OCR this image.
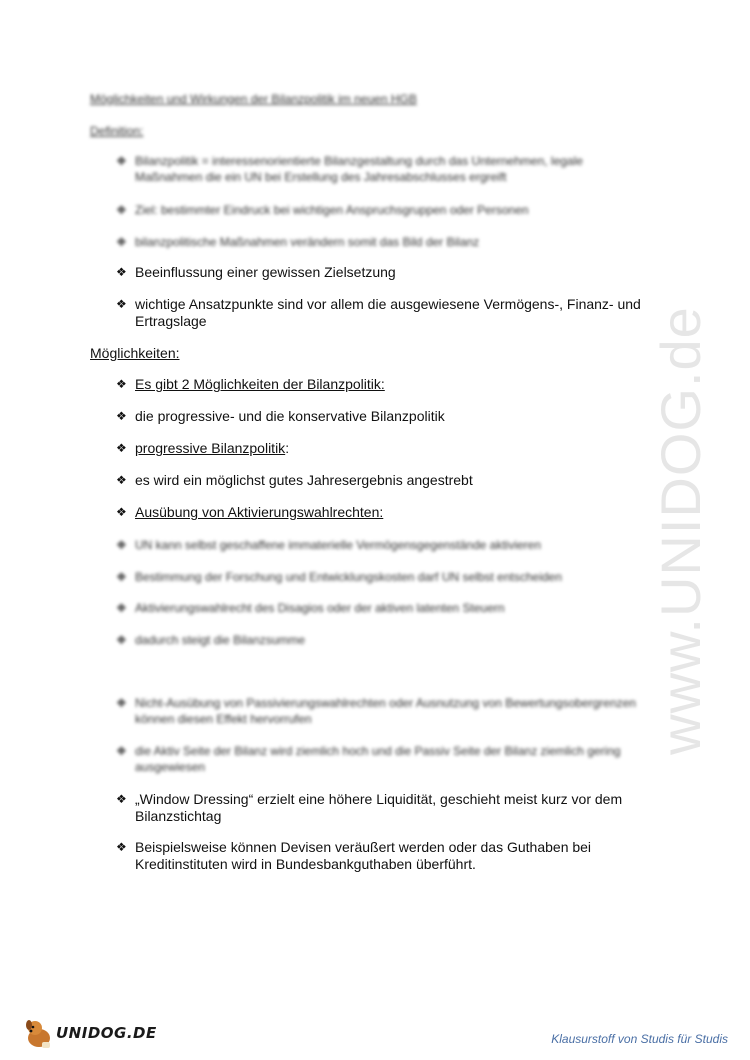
Möglichkeiten und Wirkungen der Bilanzpolitik im neuen HGB
Definition:
❖ Bilanzpolitik = interessenorientierte Bilanzgestaltung durch das Unternehmen, legale Maßnahmen die ein UN bei Erstellung des Jahresabschlusses ergreift
❖ Ziel: bestimmter Eindruck bei wichtigen Anspruchsgruppen oder Personen
❖ bilanzpolitische Maßnahmen verändern somit das Bild der Bilanz
❖ Beeinflussung einer gewissen Zielsetzung
❖ wichtige Ansatzpunkte sind vor allem die ausgewiesene Vermögens-, Finanz- und Ertragslage
Möglichkeiten:
❖ Es gibt 2 Möglichkeiten der Bilanzpolitik:
❖ die progressive- und die konservative Bilanzpolitik
❖ progressive Bilanzpolitik:
❖ es wird ein möglichst gutes Jahresergebnis angestrebt
❖ Ausübung von Aktivierungswahlrechten:
❖ UN kann selbst geschaffene immaterielle Vermögensgegenstände aktivieren
❖ Bestimmung der Forschung und Entwicklungskosten darf UN selbst entscheiden
❖ Aktivierungswahlrecht des Disagios oder der aktiven latenten Steuern
❖ dadurch steigt die Bilanzsumme
❖ Nicht-Ausübung von Passivierungswahlrechten oder Ausnutzung von Bewertungsobergrenzen können diesen Effekt hervorrufen
❖ die Aktiv Seite der Bilanz wird ziemlich hoch und die Passiv Seite der Bilanz ziemlich gering ausgewiesen
❖ „Window Dressing“ erzielt eine höhere Liquidität, geschieht meist kurz vor dem Bilanzstichtag
❖ Beispielsweise können Devisen veräußert werden oder das Guthaben bei Kreditinstituten wird in Bundesbankguthaben überführt.
www.UNIDOG.de
UNIDOG.DE	Klausurstoff von Studis für Studis
